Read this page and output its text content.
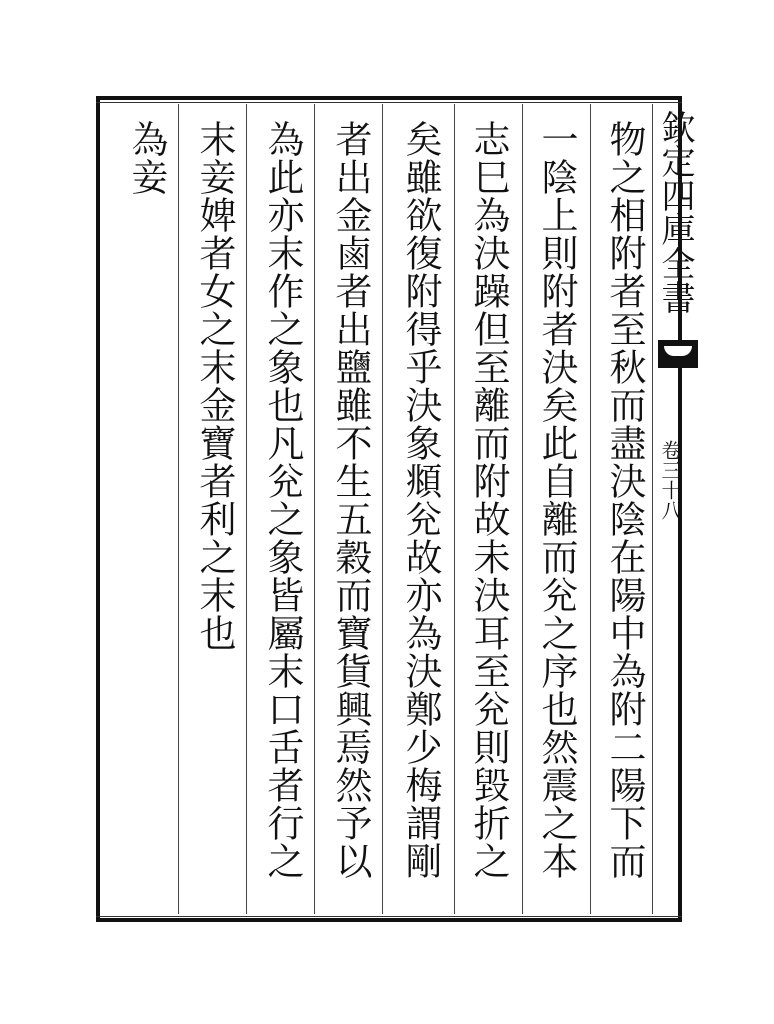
物之相附者至秋而盡決陰在陽中為附二陽下而
一陰上則附者決矣此自離而兊之序也然震之本
志巳為決躁但至離而附故未決耳至兊則毀折之
矣雖欲復附得乎決象頫兊故亦為決鄭少梅謂剛
者出金鹵者出鹽雖不生五穀而寶貨興焉然予以
為此亦末作之象也凡兊之象皆屬末口舌者行之
末妾婢者女之末金寶者利之末也
為妾	欽定四庫全書
卷三十八
